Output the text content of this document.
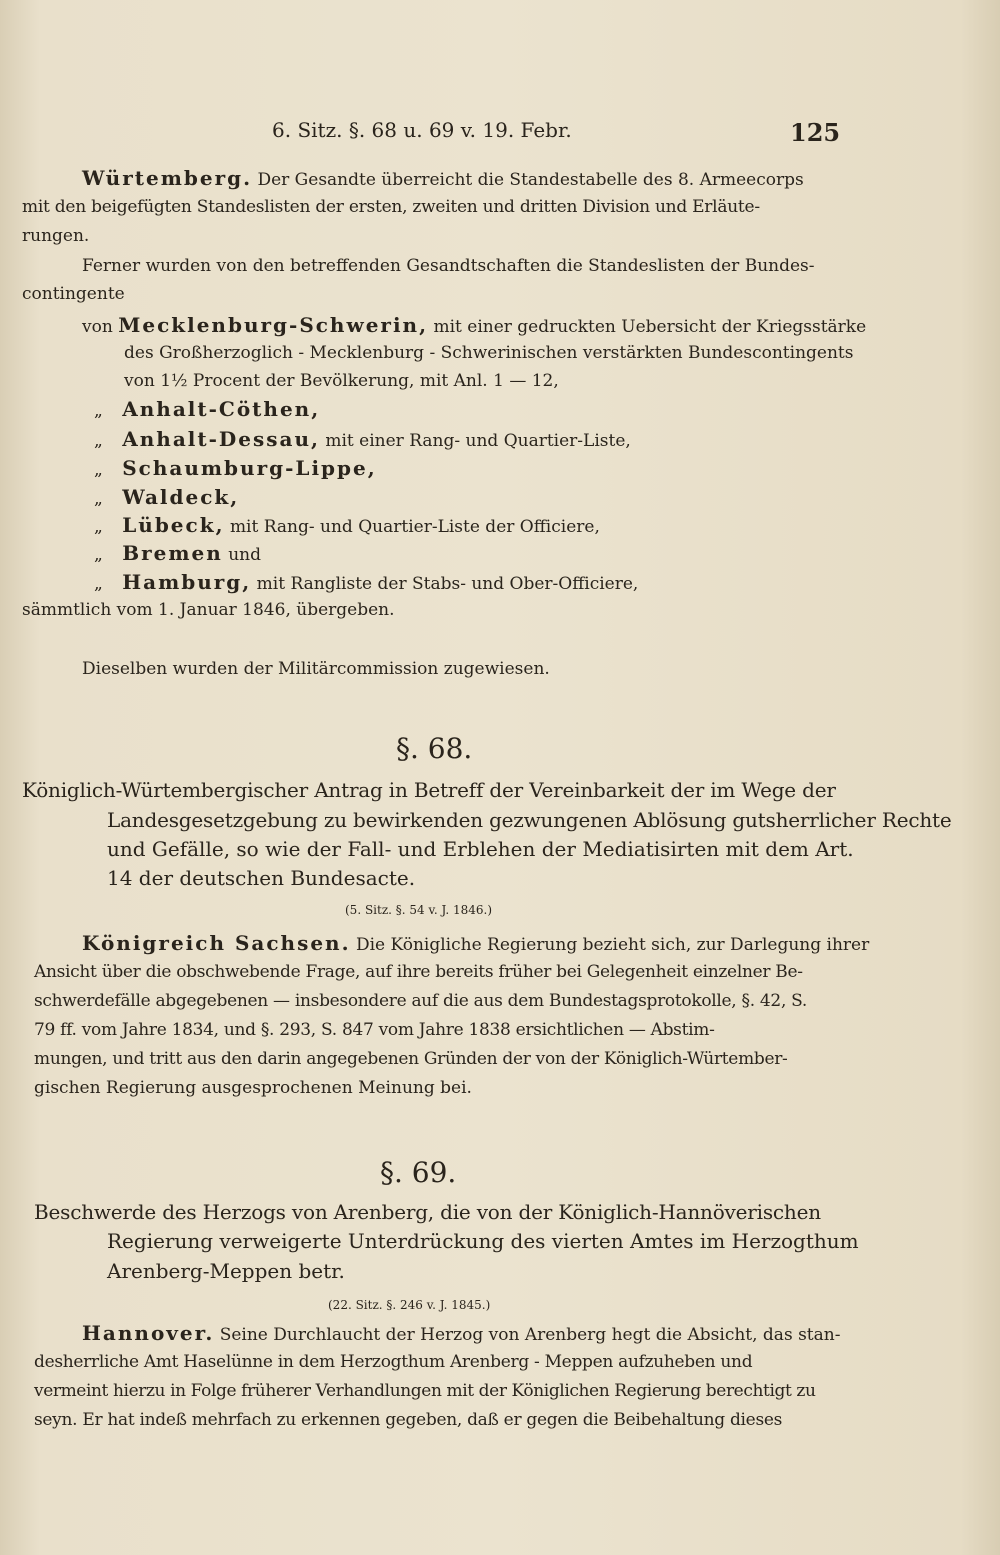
6. Sitz. §. 68 u. 69 v. 19. Febr.	125
Würtemberg. Der Gesandte überreicht die Standestabelle des 8. Armeecorps
mit den beigefügten Standeslisten der ersten, zweiten und dritten Division und Erläute-
rungen.
Ferner wurden von den betreffenden Gesandtschaften die Standeslisten der Bundes-
contingente
von Mecklenburg-Schwerin, mit einer gedruckten Uebersicht der Kriegsstärke
des Großherzoglich - Mecklenburg - Schwerinischen verstärkten Bundescontingents
von 1½ Procent der Bevölkerung, mit Anl. 1 — 12,
„ Anhalt-Cöthen,
„ Anhalt-Dessau, mit einer Rang- und Quartier-Liste,
„ Schaumburg-Lippe,
„ Waldeck,
„ Lübeck, mit Rang- und Quartier-Liste der Officiere,
„ Bremen und
„ Hamburg, mit Rangliste der Stabs- und Ober-Officiere,
sämmtlich vom 1. Januar 1846, übergeben.
Dieselben wurden der Militärcommission zugewiesen.
§. 68.
Königlich-Würtembergischer Antrag in Betreff der Vereinbarkeit der im Wege der
Landesgesetzgebung zu bewirkenden gezwungenen Ablösung gutsherrlicher Rechte
und Gefälle, so wie der Fall- und Erblehen der Mediatisirten mit dem Art.
14 der deutschen Bundesacte.
(5. Sitz. §. 54 v. J. 1846.)
Königreich Sachsen. Die Königliche Regierung bezieht sich, zur Darlegung ihrer
Ansicht über die obschwebende Frage, auf ihre bereits früher bei Gelegenheit einzelner Be-
schwerdefälle abgegebenen — insbesondere auf die aus dem Bundestagsprotokolle, §. 42, S.
79 ff. vom Jahre 1834, und §. 293, S. 847 vom Jahre 1838 ersichtlichen — Abstim-
mungen, und tritt aus den darin angegebenen Gründen der von der Königlich-Würtember-
gischen Regierung ausgesprochenen Meinung bei.
§. 69.
Beschwerde des Herzogs von Arenberg, die von der Königlich-Hannöverischen
Regierung verweigerte Unterdrückung des vierten Amtes im Herzogthum
Arenberg-Meppen betr.
(22. Sitz. §. 246 v. J. 1845.)
Hannover. Seine Durchlaucht der Herzog von Arenberg hegt die Absicht, das stan-
desherrliche Amt Haselünne in dem Herzogthum Arenberg - Meppen aufzuheben und
vermeint hierzu in Folge früherer Verhandlungen mit der Königlichen Regierung berechtigt zu
seyn. Er hat indeß mehrfach zu erkennen gegeben, daß er gegen die Beibehaltung dieses
